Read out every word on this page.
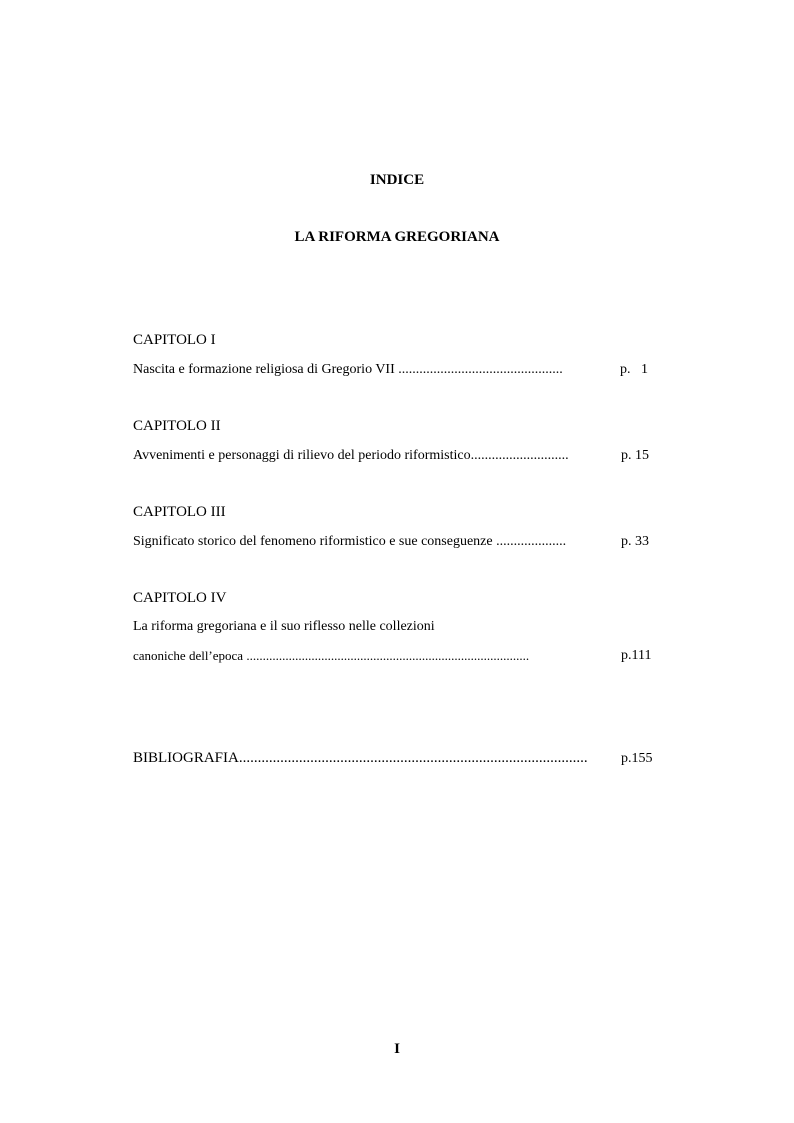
INDICE
LA RIFORMA GREGORIANA
CAPITOLO I
Nascita e formazione religiosa di Gregorio VII ...............................................	p.   1
CAPITOLO II
Avvenimenti e personaggi di rilievo del periodo riformistico............................	p. 15
CAPITOLO III
Significato storico del fenomeno riformistico e sue conseguenze ....................	p. 33
CAPITOLO IV
La riforma gregoriana e il suo riflesso nelle collezioni
canoniche dell’epoca .......................................................................................	p.111
BIBLIOGRAFIA.............................................................................................	p.155
I
